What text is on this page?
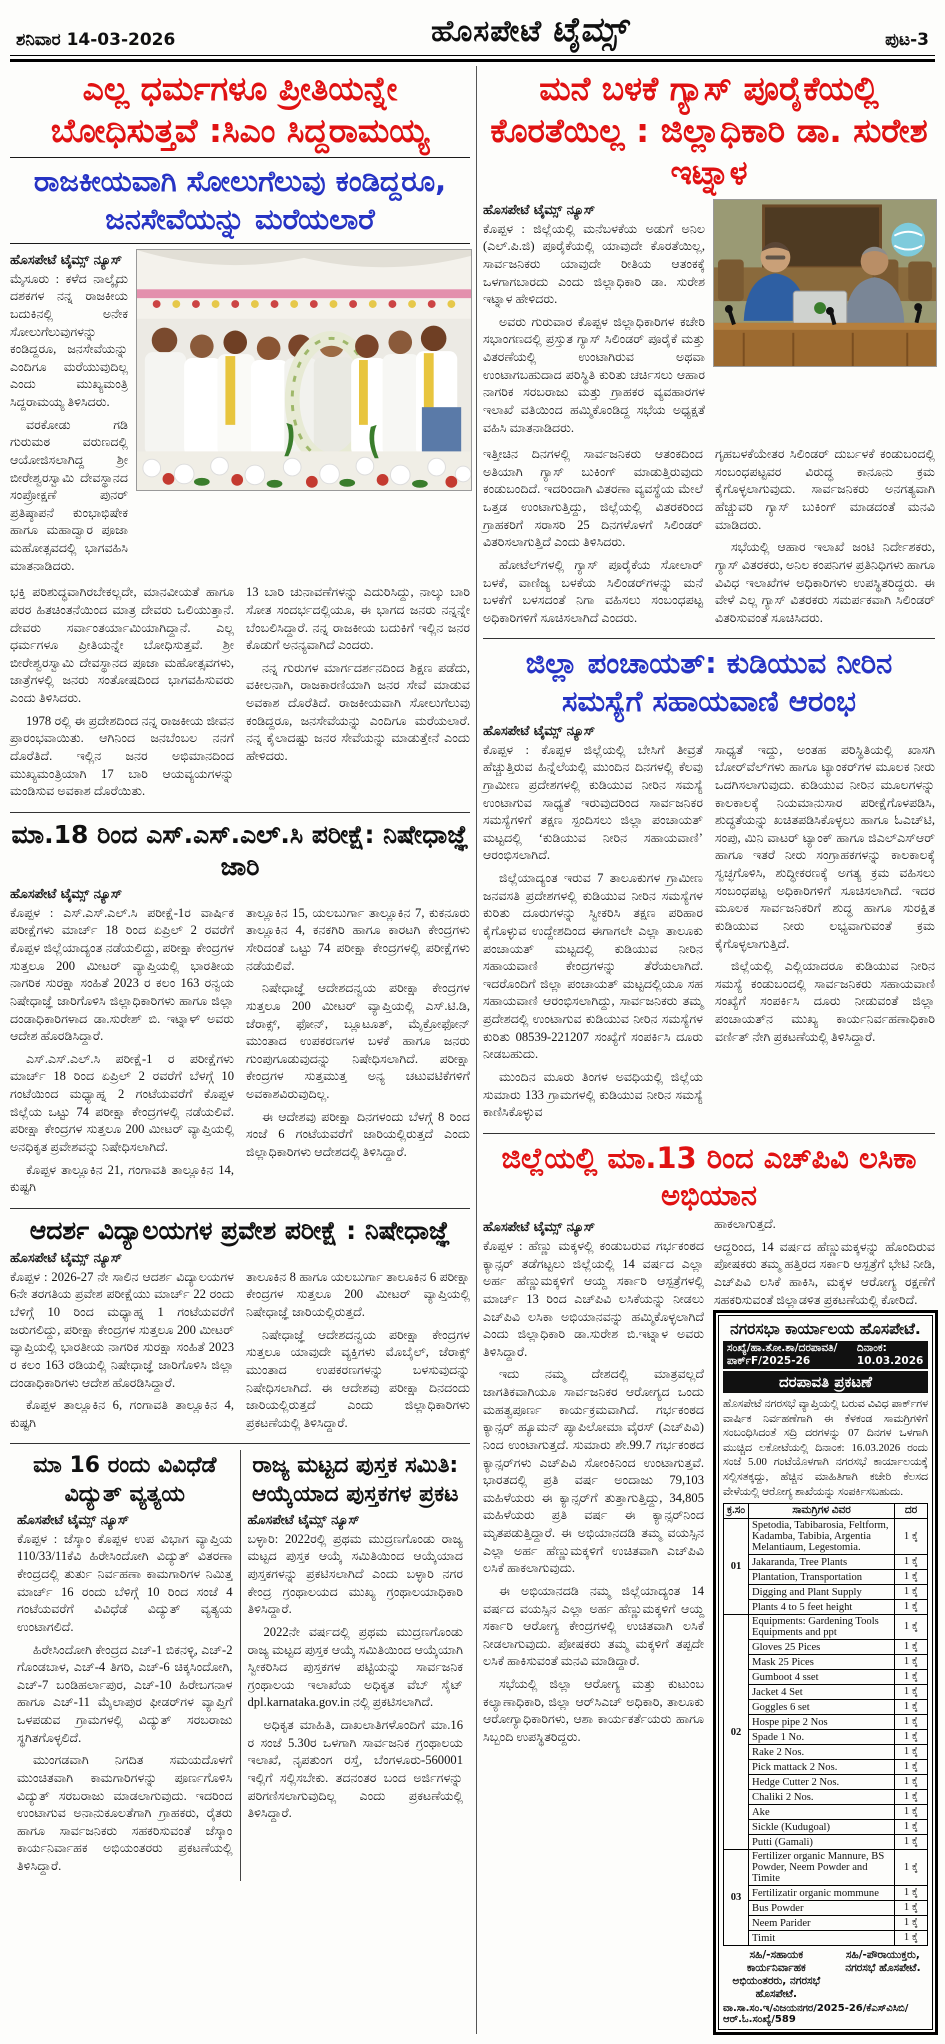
ಶನಿವಾರ 14-03-2026	ಹೊಸಪೇಟೆ ಟೈಮ್ಸ್	ಪುಟ-3
ಎಲ್ಲ ಧರ್ಮಗಳೂ ಪ್ರೀತಿಯನ್ನೇ ಬೋಧಿಸುತ್ತವೆ :ಸಿಎಂ ಸಿದ್ದರಾಮಯ್ಯ
ರಾಜಕೀಯವಾಗಿ ಸೋಲುಗೆಲುವು ಕಂಡಿದ್ದರೂ, ಜನಸೇವೆಯನ್ನು ಮರೆಯಲಾರೆ
ಹೊಸಪೇಟೆ ಟೈಮ್ಸ್ ನ್ಯೂಸ್

ಮೈಸೂರು : ಕಳೆದ ನಾಲ್ಕೈದು ದಶಕಗಳ ನನ್ನ ರಾಜಕೀಯ ಬದುಕಿನಲ್ಲಿ ಅನೇಕ ಸೋಲುಗೆಲುವುಗಳನ್ನು ಕಂಡಿದ್ದರೂ, ಜನಸೇವೆಯನ್ನು ಎಂದಿಗೂ ಮರೆಯುವುದಿಲ್ಲ ಎಂದು ಮುಖ್ಯಮಂತ್ರಿ ಸಿದ್ದರಾಮಯ್ಯ ತಿಳಿಸಿದರು.

ವರಕೋಡು ಗಡಿ ಗುರುಮಠ ವರುಣದಲ್ಲಿ ಆಯೋಜಿಸಲಾಗಿದ್ದ ಶ್ರೀ ಬೀರೇಶ್ವರಸ್ವಾಮಿ ದೇವಸ್ಥಾನದ ಸಂಪ್ರೋಕ್ಷಣೆ ಪುನರ್ ಪ್ರತಿಷ್ಠಾಪನೆ ಕುಂಭಾಭಿಷೇಕ ಹಾಗೂ ಮಹಾದ್ವಾರ ಪೂಜಾ ಮಹೋತ್ಸವದಲ್ಲಿ ಭಾಗವಹಿಸಿ ಮಾತನಾಡಿದರು.

ಭಕ್ತಿ ಪರಿಶುದ್ಧವಾಗಿರಬೇಕಲ್ಲದೇ, ಮಾನವೀಯತೆ ಹಾಗೂ ಪರರ ಹಿತಚಿಂತನೆಯಿಂದ ಮಾತ್ರ ದೇವರು ಒಲಿಯುತ್ತಾನೆ. ದೇವರು ಸರ್ವಾಂತರ್ಯಾಮಿಯಾಗಿದ್ದಾನೆ. ಎಲ್ಲ ಧರ್ಮಗಳೂ ಪ್ರೀತಿಯನ್ನೇ ಬೋಧಿಸುತ್ತವೆ. ಶ್ರೀ ಬೀರೇಶ್ವರಸ್ವಾಮಿ ದೇವಸ್ಥಾನದ ಪೂಜಾ ಮಹೋತ್ಸವಗಳು, ಜಾತ್ರೆಗಳಲ್ಲಿ ಜನರು ಸಂತೋಷದಿಂದ ಭಾಗವಹಿಸುವರು ಎಂದು ತಿಳಿಸಿದರು.

1978 ರಲ್ಲಿ ಈ ಪ್ರದೇಶದಿಂದ ನನ್ನ ರಾಜಕೀಯ ಜೀವನ ಪ್ರಾರಂಭವಾಯಿತು. ಆಗಿನಿಂದ ಜನಬೆಂಬಲ ನನಗೆ ದೊರೆತಿದೆ. ಇಲ್ಲಿನ ಜನರ ಅಭಿಮಾನದಿಂದ ಮುಖ್ಯಮಂತ್ರಿಯಾಗಿ 17 ಬಾರಿ ಆಯವ್ಯಯಗಳನ್ನು ಮಂಡಿಸುವ ಅವಕಾಶ ದೊರೆಯಿತು.

13 ಬಾರಿ ಚುನಾವಣೆಗಳನ್ನು ಎದುರಿಸಿದ್ದು, ನಾಲ್ಕು ಬಾರಿ ಸೋತ ಸಂದರ್ಭದಲ್ಲಿಯೂ, ಈ ಭಾಗದ ಜನರು ನನ್ನನ್ನೇ ಬೆಂಬಲಿಸಿದ್ದಾರೆ. ನನ್ನ ರಾಜಕೀಯ ಬದುಕಿಗೆ ಇಲ್ಲಿನ ಜನರ ಕೊಡುಗೆ ಅನನ್ಯವಾಗಿದೆ ಎಂದರು.

ನನ್ನ ಗುರುಗಳ ಮಾರ್ಗದರ್ಶನದಿಂದ ಶಿಕ್ಷಣ ಪಡೆದು, ವಕೀಲನಾಗಿ, ರಾಜಕಾರಣಿಯಾಗಿ ಜನರ ಸೇವೆ ಮಾಡುವ ಅವಕಾಶ ದೊರೆತಿದೆ. ರಾಜಕೀಯವಾಗಿ ಸೋಲುಗೆಲುವು ಕಂಡಿದ್ದರೂ, ಜನಸೇವೆಯನ್ನು ಎಂದಿಗೂ ಮರೆಯಲಾರೆ. ನನ್ನ ಕೈಲಾದಷ್ಟು ಜನರ ಸೇವೆಯನ್ನು ಮಾಡುತ್ತೇನೆ ಎಂದು ಹೇಳಿದರು.

ಮಾ.18 ರಿಂದ ಎಸ್.ಎಸ್.ಎಲ್.ಸಿ ಪರೀಕ್ಷೆ: ನಿಷೇಧಾಜ್ಞೆ ಜಾರಿ
ಹೊಸಪೇಟೆ ಟೈಮ್ಸ್ ನ್ಯೂಸ್

ಕೊಪ್ಪಳ : ಎಸ್.ಎಸ್.ಎಲ್.ಸಿ ಪರೀಕ್ಷೆ-1ರ ವಾರ್ಷಿಕ ಪರೀಕ್ಷೆಗಳು ಮಾರ್ಚ್ 18 ರಿಂದ ಏಪ್ರಿಲ್ 2 ರವರೆಗೆ ಕೊಪ್ಪಳ ಜಿಲ್ಲೆಯಾದ್ಯಂತ ನಡೆಯಲಿದ್ದು, ಪರೀಕ್ಷಾ ಕೇಂದ್ರಗಳ ಸುತ್ತಲೂ 200 ಮೀಟರ್ ವ್ಯಾಪ್ತಿಯಲ್ಲಿ ಭಾರತೀಯ ನಾಗರಿಕ ಸುರಕ್ಷಾ ಸಂಹಿತೆ 2023 ರ ಕಲಂ 163 ರನ್ವಯ ನಿಷೇಧಾಜ್ಞೆ ಜಾರಿಗೊಳಿಸಿ ಜಿಲ್ಲಾಧಿಕಾರಿಗಳು ಹಾಗೂ ಜಿಲ್ಲಾ ದಂಡಾಧಿಕಾರಿಗಳಾದ ಡಾ.ಸುರೇಶ್ ಬಿ. ಇಟ್ನಾಳ್ ಅವರು ಆದೇಶ ಹೊರಡಿಸಿದ್ದಾರೆ.

ಎಸ್.ಎಸ್.ಎಲ್.ಸಿ ಪರೀಕ್ಷೆ-1 ರ ಪರೀಕ್ಷೆಗಳು ಮಾರ್ಚ್ 18 ರಿಂದ ಏಪ್ರಿಲ್ 2 ರವರೆಗೆ ಬೆಳಗ್ಗೆ 10 ಗಂಟೆಯಿಂದ ಮಧ್ಯಾಹ್ನ 2 ಗಂಟೆಯವರೆಗೆ ಕೊಪ್ಪಳ ಜಿಲ್ಲೆಯ ಒಟ್ಟು 74 ಪರೀಕ್ಷಾ ಕೇಂದ್ರಗಳಲ್ಲಿ ನಡೆಯಲಿವೆ. ಪರೀಕ್ಷಾ ಕೇಂದ್ರಗಳ ಸುತ್ತಲೂ 200 ಮೀಟರ್ ವ್ಯಾಪ್ತಿಯಲ್ಲಿ ಅನಧಿಕೃತ ಪ್ರವೇಶವನ್ನು ನಿಷೇಧಿಸಲಾಗಿದೆ.

ಕೊಪ್ಪಳ ತಾಲ್ಲೂಕಿನ 21, ಗಂಗಾವತಿ ತಾಲ್ಲೂಕಿನ 14, ಕುಷ್ಟಗಿ

ತಾಲ್ಲೂಕಿನ 15, ಯಲಬುರ್ಗಾ ತಾಲ್ಲೂಕಿನ 7, ಕುಕನೂರು ತಾಲ್ಲೂಕಿನ 4, ಕನಕಗಿರಿ ಹಾಗೂ ಕಾರಟಗಿ ಕೇಂದ್ರಗಳು ಸೇರಿದಂತೆ ಒಟ್ಟು 74 ಪರೀಕ್ಷಾ ಕೇಂದ್ರಗಳಲ್ಲಿ ಪರೀಕ್ಷೆಗಳು ನಡೆಯಲಿವೆ.

ನಿಷೇಧಾಜ್ಞೆ ಆದೇಶದನ್ವಯ ಪರೀಕ್ಷಾ ಕೇಂದ್ರಗಳ ಸುತ್ತಲೂ 200 ಮೀಟರ್ ವ್ಯಾಪ್ತಿಯಲ್ಲಿ ಎಸ್.ಟಿ.ಡಿ, ಜೆರಾಕ್ಸ್, ಫೋನ್, ಬ್ಲೂಟೂತ್, ಮೈಕ್ರೋಫೋನ್ ಮುಂತಾದ ಉಪಕರಣಗಳ ಬಳಕೆ ಹಾಗೂ ಜನರು ಗುಂಪುಗೂಡುವುದನ್ನು ನಿಷೇಧಿಸಲಾಗಿದೆ. ಪರೀಕ್ಷಾ ಕೇಂದ್ರಗಳ ಸುತ್ತಮುತ್ತ ಅನ್ಯ ಚಟುವಟಿಕೆಗಳಿಗೆ ಅವಕಾಶವಿರುವುದಿಲ್ಲ.

ಈ ಆದೇಶವು ಪರೀಕ್ಷಾ ದಿನಗಳಂದು ಬೆಳಗ್ಗೆ 8 ರಿಂದ ಸಂಜೆ 6 ಗಂಟೆಯವರೆಗೆ ಜಾರಿಯಲ್ಲಿರುತ್ತದೆ ಎಂದು ಜಿಲ್ಲಾಧಿಕಾರಿಗಳು ಆದೇಶದಲ್ಲಿ ತಿಳಿಸಿದ್ದಾರೆ.

ಆದರ್ಶ ವಿದ್ಯಾಲಯಗಳ ಪ್ರವೇಶ ಪರೀಕ್ಷೆ : ನಿಷೇಧಾಜ್ಞೆ
ಹೊಸಪೇಟೆ ಟೈಮ್ಸ್ ನ್ಯೂಸ್

ಕೊಪ್ಪಳ : 2026-27 ನೇ ಸಾಲಿನ ಆದರ್ಶ ವಿದ್ಯಾಲಯಗಳ 6ನೇ ತರಗತಿಯ ಪ್ರವೇಶ ಪರೀಕ್ಷೆಯು ಮಾರ್ಚ್ 22 ರಂದು ಬೆಳಿಗ್ಗೆ 10 ರಿಂದ ಮಧ್ಯಾಹ್ನ 1 ಗಂಟೆಯವರೆಗೆ ಜರುಗಲಿದ್ದು, ಪರೀಕ್ಷಾ ಕೇಂದ್ರಗಳ ಸುತ್ತಲೂ 200 ಮೀಟರ್ ವ್ಯಾಪ್ತಿಯಲ್ಲಿ ಭಾರತೀಯ ನಾಗರಿಕ ಸುರಕ್ಷಾ ಸಂಹಿತೆ 2023 ರ ಕಲಂ 163 ರಡಿಯಲ್ಲಿ ನಿಷೇಧಾಜ್ಞೆ ಜಾರಿಗೊಳಿಸಿ ಜಿಲ್ಲಾ ದಂಡಾಧಿಕಾರಿಗಳು ಆದೇಶ ಹೊರಡಿಸಿದ್ದಾರೆ.

ಕೊಪ್ಪಳ ತಾಲ್ಲೂಕಿನ 6, ಗಂಗಾವತಿ ತಾಲ್ಲೂಕಿನ 4, ಕುಷ್ಟಗಿ

ತಾಲೂಕಿನ 8 ಹಾಗೂ ಯಲಬುರ್ಗಾ ತಾಲೂಕಿನ 6 ಪರೀಕ್ಷಾ ಕೇಂದ್ರಗಳ ಸುತ್ತಲೂ 200 ಮೀಟರ್ ವ್ಯಾಪ್ತಿಯಲ್ಲಿ ನಿಷೇಧಾಜ್ಞೆ ಜಾರಿಯಲ್ಲಿರುತ್ತದೆ.

ನಿಷೇಧಾಜ್ಞೆ ಆದೇಶದನ್ವಯ ಪರೀಕ್ಷಾ ಕೇಂದ್ರಗಳ ಸುತ್ತಲೂ ಯಾವುದೇ ವ್ಯಕ್ತಿಗಳು ಮೊಬೈಲ್, ಜೆರಾಕ್ಸ್ ಮುಂತಾದ ಉಪಕರಣಗಳನ್ನು ಬಳಸುವುದನ್ನು ನಿಷೇಧಿಸಲಾಗಿದೆ. ಈ ಆದೇಶವು ಪರೀಕ್ಷಾ ದಿನದಂದು ಜಾರಿಯಲ್ಲಿರುತ್ತದೆ ಎಂದು ಜಿಲ್ಲಾಧಿಕಾರಿಗಳು ಪ್ರಕಟಣೆಯಲ್ಲಿ ತಿಳಿಸಿದ್ದಾರೆ.

ಮಾ 16 ರಂದು ವಿವಿಧೆಡೆ ವಿದ್ಯುತ್ ವ್ಯತ್ಯಯ
ಹೊಸಪೇಟೆ ಟೈಮ್ಸ್ ನ್ಯೂಸ್

ಕೊಪ್ಪಳ : ಜೆಸ್ಕಾಂ ಕೊಪ್ಪಳ ಉಪ ವಿಭಾಗ ವ್ಯಾಪ್ತಿಯ 110/33/11ಕೆವಿ ಹಿರೇಸಿಂದೋಗಿ ವಿದ್ಯುತ್ ವಿತರಣಾ ಕೇಂದ್ರದಲ್ಲಿ ತುರ್ತು ನಿರ್ವಹಣಾ ಕಾಮಗಾರಿಗಳ ನಿಮಿತ್ತ ಮಾರ್ಚ್ 16 ರಂದು ಬೆಳಿಗ್ಗೆ 10 ರಿಂದ ಸಂಜೆ 4 ಗಂಟೆಯವರೆಗೆ ವಿವಿಧೆಡೆ ವಿದ್ಯುತ್ ವ್ಯತ್ಯಯ ಉಂಟಾಗಲಿದೆ.

ಹಿರೇಸಿಂದೋಗಿ ಕೇಂದ್ರದ ಎಚ್-1 ಬಿಕನಳ್ಳಿ, ಎಚ್-2 ಗೊಂಡಬಾಳ, ಎಚ್-4 ತಿಗರಿ, ಎಚ್-6 ಚಿಕ್ಕಸಿಂದೋಗಿ, ಎಚ್-7 ಬಂಡಿಹರ್ಲಾಪುರ, ಎಚ್-10 ಹಿರೇಬಗನಾಳ ಹಾಗೂ ಎಚ್-11 ಮೈಲಾಪುರ ಫೀಡರ್‌ಗಳ ವ್ಯಾಪ್ತಿಗೆ ಒಳಪಡುವ ಗ್ರಾಮಗಳಲ್ಲಿ ವಿದ್ಯುತ್ ಸರಬರಾಜು ಸ್ಥಗಿತಗೊಳ್ಳಲಿದೆ.

ಮುಂಗಡವಾಗಿ ನಿಗದಿತ ಸಮಯದೊಳಗೆ ಮುಂಚಿತವಾಗಿ ಕಾಮಗಾರಿಗಳನ್ನು ಪೂರ್ಣಗೊಳಿಸಿ ವಿದ್ಯುತ್ ಸರಬರಾಜು ಮಾಡಲಾಗುವುದು. ಇದರಿಂದ ಉಂಟಾಗುವ ಅನಾನುಕೂಲತೆಗಾಗಿ ಗ್ರಾಹಕರು, ರೈತರು ಹಾಗೂ ಸಾರ್ವಜನಿಕರು ಸಹಕರಿಸುವಂತೆ ಜೆಸ್ಕಾಂ ಕಾರ್ಯನಿರ್ವಾಹಕ ಅಭಿಯಂತರರು ಪ್ರಕಟಣೆಯಲ್ಲಿ ತಿಳಿಸಿದ್ದಾರೆ.

ರಾಜ್ಯ ಮಟ್ಟದ ಪುಸ್ತಕ ಸಮಿತಿ: ಆಯ್ಕೆಯಾದ ಪುಸ್ತಕಗಳ ಪ್ರಕಟ
ಹೊಸಪೇಟೆ ಟೈಮ್ಸ್ ನ್ಯೂಸ್

ಬಳ್ಳಾರಿ: 2022ರಲ್ಲಿ ಪ್ರಥಮ ಮುದ್ರಣಗೊಂಡು ರಾಜ್ಯ ಮಟ್ಟದ ಪುಸ್ತಕ ಆಯ್ಕೆ ಸಮಿತಿಯಿಂದ ಆಯ್ಕೆಯಾದ ಪುಸ್ತಕಗಳನ್ನು ಪ್ರಕಟಿಸಲಾಗಿದೆ ಎಂದು ಬಳ್ಳಾರಿ ನಗರ ಕೇಂದ್ರ ಗ್ರಂಥಾಲಯದ ಮುಖ್ಯ ಗ್ರಂಥಾಲಯಾಧಿಕಾರಿ ತಿಳಿಸಿದ್ದಾರೆ.

2022ನೇ ವರ್ಷದಲ್ಲಿ ಪ್ರಥಮ ಮುದ್ರಣಗೊಂಡು ರಾಜ್ಯ ಮಟ್ಟದ ಪುಸ್ತಕ ಆಯ್ಕೆ ಸಮಿತಿಯಿಂದ ಆಯ್ಕೆಯಾಗಿ ಸ್ವೀಕರಿಸಿದ ಪುಸ್ತಕಗಳ ಪಟ್ಟಿಯನ್ನು ಸಾರ್ವಜನಿಕ ಗ್ರಂಥಾಲಯ ಇಲಾಖೆಯ ಅಧಿಕೃತ ವೆಬ್ ಸೈಟ್ dpl.karnataka.gov.in ನಲ್ಲಿ ಪ್ರಕಟಿಸಲಾಗಿದೆ.

ಅಧಿಕೃತ ಮಾಹಿತಿ, ದಾಖಲಾತಿಗಳೊಂದಿಗೆ ಮಾ.16 ರ ಸಂಜೆ 5.30ರ ಒಳಗಾಗಿ ಸಾರ್ವಜನಿಕ ಗ್ರಂಥಾಲಯ ಇಲಾಖೆ, ನೃಪತುಂಗ ರಸ್ತೆ, ಬೆಂಗಳೂರು-560001 ಇಲ್ಲಿಗೆ ಸಲ್ಲಿಸಬೇಕು. ತದನಂತರ ಬಂದ ಅರ್ಜಿಗಳನ್ನು ಪರಿಗಣಿಸಲಾಗುವುದಿಲ್ಲ ಎಂದು ಪ್ರಕಟಣೆಯಲ್ಲಿ ತಿಳಿಸಿದ್ದಾರೆ.

ಮನೆ ಬಳಕೆ ಗ್ಯಾಸ್ ಪೂರೈಕೆಯಲ್ಲಿ ಕೊರತೆಯಿಲ್ಲ : ಜಿಲ್ಲಾಧಿಕಾರಿ ಡಾ. ಸುರೇಶ ಇಟ್ನಾಳ
ಹೊಸಪೇಟೆ ಟೈಮ್ಸ್ ನ್ಯೂಸ್

ಕೊಪ್ಪಳ : ಜಿಲ್ಲೆಯಲ್ಲಿ ಮನೆಬಳಕೆಯ ಅಡುಗೆ ಅನಿಲ (ಎಲ್.ಪಿ.ಜಿ) ಪೂರೈಕೆಯಲ್ಲಿ ಯಾವುದೇ ಕೊರತೆಯಿಲ್ಲ, ಸಾರ್ವಜನಿಕರು ಯಾವುದೇ ರೀತಿಯ ಆತಂಕಕ್ಕೆ ಒಳಗಾಗಬಾರದು ಎಂದು ಜಿಲ್ಲಾಧಿಕಾರಿ ಡಾ. ಸುರೇಶ ಇಟ್ನಾಳ ಹೇಳಿದರು.

ಅವರು ಗುರುವಾರ ಕೊಪ್ಪಳ ಜಿಲ್ಲಾಧಿಕಾರಿಗಳ ಕಚೇರಿ ಸಭಾಂಗಣದಲ್ಲಿ ಪ್ರಸ್ತುತ ಗ್ಯಾಸ್ ಸಿಲಿಂಡರ್ ಪೂರೈಕೆ ಮತ್ತು ವಿತರಣೆಯಲ್ಲಿ ಉಂಟಾಗಿರುವ ಅಥವಾ ಉಂಟಾಗಬಹುದಾದ ಪರಿಸ್ಥಿತಿ ಕುರಿತು ಚರ್ಚಿಸಲು ಆಹಾರ ನಾಗರಿಕ ಸರಬರಾಜು ಮತ್ತು ಗ್ರಾಹಕರ ವ್ಯವಹಾರಗಳ ಇಲಾಖೆ ವತಿಯಿಂದ ಹಮ್ಮಿಕೊಂಡಿದ್ದ ಸಭೆಯ ಅಧ್ಯಕ್ಷತೆ ವಹಿಸಿ ಮಾತನಾಡಿದರು.

ಇತ್ತೀಚಿನ ದಿನಗಳಲ್ಲಿ ಸಾರ್ವಜನಿಕರು ಆತಂಕದಿಂದ ಅತಿಯಾಗಿ ಗ್ಯಾಸ್ ಬುಕಿಂಗ್ ಮಾಡುತ್ತಿರುವುದು ಕಂಡುಬಂದಿದೆ. ಇದರಿಂದಾಗಿ ವಿತರಣಾ ವ್ಯವಸ್ಥೆಯ ಮೇಲೆ ಒತ್ತಡ ಉಂಟಾಗುತ್ತಿದ್ದು, ಜಿಲ್ಲೆಯಲ್ಲಿ ವಿತರಕರಿಂದ ಗ್ರಾಹಕರಿಗೆ ಸರಾಸರಿ 25 ದಿನಗಳೊಳಗೆ ಸಿಲಿಂಡರ್ ವಿತರಿಸಲಾಗುತ್ತಿದೆ ಎಂದು ತಿಳಿಸಿದರು.

ಹೋಟೆಲ್‌ಗಳಲ್ಲಿ ಗ್ಯಾಸ್ ಪೂರೈಕೆಯ ಸೋಲಾರ್ ಬಳಕೆ, ವಾಣಿಜ್ಯ ಬಳಕೆಯ ಸಿಲಿಂಡರ್‌ಗಳನ್ನು ಮನೆ ಬಳಕೆಗೆ ಬಳಸದಂತೆ ನಿಗಾ ವಹಿಸಲು ಸಂಬಂಧಪಟ್ಟ ಅಧಿಕಾರಿಗಳಿಗೆ ಸೂಚಿಸಲಾಗಿದೆ ಎಂದರು.

ಗೃಹಬಳಕೆಯೇತರ ಸಿಲಿಂಡರ್ ದುರ್ಬಳಕೆ ಕಂಡುಬಂದಲ್ಲಿ ಸಂಬಂಧಪಟ್ಟವರ ವಿರುದ್ಧ ಕಾನೂನು ಕ್ರಮ ಕೈಗೊಳ್ಳಲಾಗುವುದು. ಸಾರ್ವಜನಿಕರು ಅನಗತ್ಯವಾಗಿ ಹೆಚ್ಚುವರಿ ಗ್ಯಾಸ್ ಬುಕಿಂಗ್ ಮಾಡದಂತೆ ಮನವಿ ಮಾಡಿದರು.

ಸಭೆಯಲ್ಲಿ ಆಹಾರ ಇಲಾಖೆ ಜಂಟಿ ನಿರ್ದೇಶಕರು, ಗ್ಯಾಸ್ ವಿತರಕರು, ಅನಿಲ ಕಂಪನಿಗಳ ಪ್ರತಿನಿಧಿಗಳು ಹಾಗೂ ವಿವಿಧ ಇಲಾಖೆಗಳ ಅಧಿಕಾರಿಗಳು ಉಪಸ್ಥಿತರಿದ್ದರು. ಈ ವೇಳೆ ಎಲ್ಲ ಗ್ಯಾಸ್ ವಿತರಕರು ಸಮರ್ಪಕವಾಗಿ ಸಿಲಿಂಡರ್ ವಿತರಿಸುವಂತೆ ಸೂಚಿಸಿದರು.

ಜಿಲ್ಲಾ ಪಂಚಾಯತ್: ಕುಡಿಯುವ ನೀರಿನ ಸಮಸ್ಯೆಗೆ ಸಹಾಯವಾಣಿ ಆರಂಭ
ಹೊಸಪೇಟೆ ಟೈಮ್ಸ್ ನ್ಯೂಸ್

ಕೊಪ್ಪಳ : ಕೊಪ್ಪಳ ಜಿಲ್ಲೆಯಲ್ಲಿ ಬೇಸಿಗೆ ತೀವ್ರತೆ ಹೆಚ್ಚುತ್ತಿರುವ ಹಿನ್ನೆಲೆಯಲ್ಲಿ ಮುಂದಿನ ದಿನಗಳಲ್ಲಿ ಕೆಲವು ಗ್ರಾಮೀಣ ಪ್ರದೇಶಗಳಲ್ಲಿ ಕುಡಿಯುವ ನೀರಿನ ಸಮಸ್ಯೆ ಉಂಟಾಗುವ ಸಾಧ್ಯತೆ ಇರುವುದರಿಂದ ಸಾರ್ವಜನಿಕರ ಸಮಸ್ಯೆಗಳಿಗೆ ತಕ್ಷಣ ಸ್ಪಂದಿಸಲು ಜಿಲ್ಲಾ ಪಂಚಾಯತ್ ಮಟ್ಟದಲ್ಲಿ ‘ಕುಡಿಯುವ ನೀರಿನ ಸಹಾಯವಾಣಿ’ ಆರಂಭಿಸಲಾಗಿದೆ.

ಜಿಲ್ಲೆಯಾದ್ಯಂತ ಇರುವ 7 ತಾಲೂಕುಗಳ ಗ್ರಾಮೀಣ ಜನವಸತಿ ಪ್ರದೇಶಗಳಲ್ಲಿ ಕುಡಿಯುವ ನೀರಿನ ಸಮಸ್ಯೆಗಳ ಕುರಿತು ದೂರುಗಳನ್ನು ಸ್ವೀಕರಿಸಿ ತಕ್ಷಣ ಪರಿಹಾರ ಕೈಗೊಳ್ಳುವ ಉದ್ದೇಶದಿಂದ ಈಗಾಗಲೇ ಎಲ್ಲಾ ತಾಲೂಕು ಪಂಚಾಯತ್ ಮಟ್ಟದಲ್ಲಿ ಕುಡಿಯುವ ನೀರಿನ ಸಹಾಯವಾಣಿ ಕೇಂದ್ರಗಳನ್ನು ತೆರೆಯಲಾಗಿದೆ. ಇದರೊಂದಿಗೆ ಜಿಲ್ಲಾ ಪಂಚಾಯತ್ ಮಟ್ಟದಲ್ಲಿಯೂ ಸಹ ಸಹಾಯವಾಣಿ ಆರಂಭಿಸಲಾಗಿದ್ದು, ಸಾರ್ವಜನಿಕರು ತಮ್ಮ ಪ್ರದೇಶದಲ್ಲಿ ಉಂಟಾಗುವ ಕುಡಿಯುವ ನೀರಿನ ಸಮಸ್ಯೆಗಳ ಕುರಿತು 08539-221207 ಸಂಖ್ಯೆಗೆ ಸಂಪರ್ಕಿಸಿ ದೂರು ನೀಡಬಹುದು.

ಮುಂದಿನ ಮೂರು ತಿಂಗಳ ಅವಧಿಯಲ್ಲಿ ಜಿಲ್ಲೆಯ ಸುಮಾರು 133 ಗ್ರಾಮಗಳಲ್ಲಿ ಕುಡಿಯುವ ನೀರಿನ ಸಮಸ್ಯೆ ಕಾಣಿಸಿಕೊಳ್ಳುವ

ಸಾಧ್ಯತೆ ಇದ್ದು, ಅಂತಹ ಪರಿಸ್ಥಿತಿಯಲ್ಲಿ ಖಾಸಗಿ ಬೋರ್‌ವೆಲ್‌ಗಳು ಹಾಗೂ ಟ್ಯಾಂಕರ್‌ಗಳ ಮೂಲಕ ನೀರು ಒದಗಿಸಲಾಗುವುದು. ಕುಡಿಯುವ ನೀರಿನ ಮೂಲಗಳನ್ನು ಕಾಲಕಾಲಕ್ಕೆ ನಿಯಮಾನುಸಾರ ಪರೀಕ್ಷೆಗೊಳಪಡಿಸಿ, ಶುದ್ಧತೆಯನ್ನು ಖಚಿತಪಡಿಸಿಕೊಳ್ಳಲು ಹಾಗೂ ಓಎಚ್‌ಟಿ, ಸಂಪು, ಮಿನಿ ವಾಟರ್ ಟ್ಯಾಂಕ್ ಹಾಗೂ ಜಿಎಲ್‌ಎಸ್‌ಆರ್ ಹಾಗೂ ಇತರೆ ನೀರು ಸಂಗ್ರಾಹಕಗಳನ್ನು ಕಾಲಕಾಲಕ್ಕೆ ಸ್ವಚ್ಛಗೊಳಿಸಿ, ಶುದ್ಧೀಕರಣಕ್ಕೆ ಅಗತ್ಯ ಕ್ರಮ ವಹಿಸಲು ಸಂಬಂಧಪಟ್ಟ ಅಧಿಕಾರಿಗಳಿಗೆ ಸೂಚಿಸಲಾಗಿದೆ. ಇದರ ಮೂಲಕ ಸಾರ್ವಜನಿಕರಿಗೆ ಶುದ್ಧ ಹಾಗೂ ಸುರಕ್ಷಿತ ಕುಡಿಯುವ ನೀರು ಲಭ್ಯವಾಗುವಂತೆ ಕ್ರಮ ಕೈಗೊಳ್ಳಲಾಗುತ್ತಿದೆ.

ಜಿಲ್ಲೆಯಲ್ಲಿ ಎಲ್ಲಿಯಾದರೂ ಕುಡಿಯುವ ನೀರಿನ ಸಮಸ್ಯೆ ಕಂಡುಬಂದಲ್ಲಿ ಸಾರ್ವಜನಿಕರು ಸಹಾಯವಾಣಿ ಸಂಖ್ಯೆಗೆ ಸಂಪರ್ಕಿಸಿ ದೂರು ನೀಡುವಂತೆ ಜಿಲ್ಲಾ ಪಂಚಾಯತ್‌ನ ಮುಖ್ಯ ಕಾರ್ಯನಿರ್ವಹಣಾಧಿಕಾರಿ ವರ್ಣಿತ್ ನೇಗಿ ಪ್ರಕಟಣೆಯಲ್ಲಿ ತಿಳಿಸಿದ್ದಾರೆ.

ಜಿಲ್ಲೆಯಲ್ಲಿ ಮಾ.13 ರಿಂದ ಎಚ್‌ಪಿವಿ ಲಸಿಕಾ ಅಭಿಯಾನ
ಹೊಸಪೇಟೆ ಟೈಮ್ಸ್ ನ್ಯೂಸ್

ಕೊಪ್ಪಳ : ಹೆಣ್ಣು ಮಕ್ಕಳಲ್ಲಿ ಕಂಡುಬರುವ ಗರ್ಭಕಂಠದ ಕ್ಯಾನ್ಸರ್ ತಡೆಗಟ್ಟಲು ಜಿಲ್ಲೆಯಲ್ಲಿ 14 ವರ್ಷದ ಎಲ್ಲಾ ಅರ್ಹ ಹೆಣ್ಣುಮಕ್ಕಳಿಗೆ ಆಯ್ದ ಸರ್ಕಾರಿ ಆಸ್ಪತ್ರೆಗಳಲ್ಲಿ ಮಾರ್ಚ್ 13 ರಿಂದ ಎಚ್‌ಪಿವಿ ಲಸಿಕೆಯನ್ನು ನೀಡಲು ಎಚ್‌ಪಿವಿ ಲಸಿಕಾ ಅಭಿಯಾನವನ್ನು ಹಮ್ಮಿಕೊಳ್ಳಲಾಗಿದೆ ಎಂದು ಜಿಲ್ಲಾಧಿಕಾರಿ ಡಾ.ಸುರೇಶ ಬಿ.ಇಟ್ನಾಳ ಅವರು ತಿಳಿಸಿದ್ದಾರೆ.

ಇದು ನಮ್ಮ ದೇಶದಲ್ಲಿ ಮಾತ್ರವಲ್ಲದೆ ಜಾಗತಿಕವಾಗಿಯೂ ಸಾರ್ವಜನಿಕರ ಆರೋಗ್ಯದ ಒಂದು ಮಹತ್ವಪೂರ್ಣ ಕಾರ್ಯಕ್ರಮವಾಗಿದೆ. ಗರ್ಭಕಂಠದ ಕ್ಯಾನ್ಸರ್ ಹ್ಯೂಮನ್ ಪ್ಯಾಪಿಲೋಮಾ ವೈರಸ್ (ಎಚ್‌ಪಿವಿ) ನಿಂದ ಉಂಟಾಗುತ್ತದೆ. ಸುಮಾರು ಶೇ.99.7 ಗರ್ಭಕಂಠದ ಕ್ಯಾನ್ಸರ್‌ಗಳು ಎಚ್‌ಪಿವಿ ಸೋಂಕಿನಿಂದ ಉಂಟಾಗುತ್ತವೆ. ಭಾರತದಲ್ಲಿ ಪ್ರತಿ ವರ್ಷ ಅಂದಾಜು 79,103 ಮಹಿಳೆಯರು ಈ ಕ್ಯಾನ್ಸರ್‌ಗೆ ತುತ್ತಾಗುತ್ತಿದ್ದು, 34,805 ಮಹಿಳೆಯರು ಪ್ರತಿ ವರ್ಷ ಈ ಕ್ಯಾನ್ಸರ್‌ನಿಂದ ಮೃತಪಡುತ್ತಿದ್ದಾರೆ. ಈ ಅಭಿಯಾನದಡಿ ತಮ್ಮ ವಯಸ್ಸಿನ ಎಲ್ಲಾ ಅರ್ಹ ಹೆಣ್ಣುಮಕ್ಕಳಿಗೆ ಉಚಿತವಾಗಿ ಎಚ್‌ಪಿವಿ ಲಸಿಕೆ ಹಾಕಲಾಗುವುದು.

ಈ ಅಭಿಯಾನದಡಿ ನಮ್ಮ ಜಿಲ್ಲೆಯಾದ್ಯಂತ 14 ವರ್ಷದ ವಯಸ್ಸಿನ ಎಲ್ಲಾ ಅರ್ಹ ಹೆಣ್ಣುಮಕ್ಕಳಿಗೆ ಆಯ್ದ ಸರ್ಕಾರಿ ಆರೋಗ್ಯ ಕೇಂದ್ರಗಳಲ್ಲಿ ಉಚಿತವಾಗಿ ಲಸಿಕೆ ನೀಡಲಾಗುವುದು. ಪೋಷಕರು ತಮ್ಮ ಮಕ್ಕಳಿಗೆ ತಪ್ಪದೇ ಲಸಿಕೆ ಹಾಕಿಸುವಂತೆ ಮನವಿ ಮಾಡಿದ್ದಾರೆ.

ಸಭೆಯಲ್ಲಿ ಜಿಲ್ಲಾ ಆರೋಗ್ಯ ಮತ್ತು ಕುಟುಂಬ ಕಲ್ಯಾಣಾಧಿಕಾರಿ, ಜಿಲ್ಲಾ ಆರ್‌ಸಿಎಚ್ ಅಧಿಕಾರಿ, ತಾಲೂಕು ಆರೋಗ್ಯಾಧಿಕಾರಿಗಳು, ಆಶಾ ಕಾರ್ಯಕರ್ತೆಯರು ಹಾಗೂ ಸಿಬ್ಬಂದಿ ಉಪಸ್ಥಿತರಿದ್ದರು.

ಹಾಕಲಾಗುತ್ತದೆ.

ಆದ್ದರಿಂದ, 14 ವರ್ಷದ ಹೆಣ್ಣುಮಕ್ಕಳನ್ನು ಹೊಂದಿರುವ ಪೋಷಕರು ತಮ್ಮ ಹತ್ತಿರದ ಸರ್ಕಾರಿ ಆಸ್ಪತ್ರೆಗೆ ಭೇಟಿ ನೀಡಿ, ಎಚ್‌ಪಿವಿ ಲಸಿಕೆ ಹಾಕಿಸಿ, ಮಕ್ಕಳ ಆರೋಗ್ಯ ರಕ್ಷಣೆಗೆ ಸಹಕರಿಸುವಂತೆ ಜಿಲ್ಲಾಡಳಿತ ಪ್ರಕಟಣೆಯಲ್ಲಿ ಕೋರಿದೆ.

ನಗರಸಭಾ ಕಾರ್ಯಾಲಯ ಹೊಸಪೇಟೆ.
ಸಂಖ್ಯೆ/ಹಾ.ತೋ.ಶಾ/ದರಪಾವತಿ/ಪಾರ್ಕ್‌F/2025-26
ದಿನಾಂಕ: 10.03.2026
ದರಪಾವತಿ ಪ್ರಕಟಣೆ

ಹೊಸಪೇಟೆ ನಗರಸಭೆ ವ್ಯಾಪ್ತಿಯಲ್ಲಿ ಬರುವ ವಿವಿಧ ಪಾರ್ಕ್‌ಗಳ ವಾರ್ಷಿಕ ನಿರ್ವಹಣೆಗಾಗಿ ಈ ಕೆಳಕಂಡ ಸಾಮಗ್ರಿಗಳಿಗೆ ಸಂಬಂಧಿಸಿದಂತೆ ಸದ್ರಿ ದರಗಳನ್ನು 07 ದಿನಗಳ ಒಳಗಾಗಿ ಮುಚ್ಚಿದ ಲಕೋಟೆಯಲ್ಲಿ ದಿನಾಂಕ: 16.03.2026 ರಂದು ಸಂಜೆ 5.00 ಗಂಟೆಯೊಳಗಾಗಿ ನಗರಸಭೆ ಕಾರ್ಯಾಲಯಕ್ಕೆ ಸಲ್ಲಿಸತಕ್ಕದ್ದು, ಹೆಚ್ಚಿನ ಮಾಹಿತಿಗಾಗಿ ಕಚೇರಿ ಕೆಲಸದ ವೇಳೆಯಲ್ಲಿ ಆರೋಗ್ಯ ಶಾಖೆಯನ್ನು ಸಂಪರ್ಕಿಸಬಹುದು.

ಕ್ರ.ಸಂ	ಸಾಮಗ್ರಿಗಳ ವಿವರ	ದರ
01	Spetodia, Tabibarosia, Feltform, Kadamba, Tabibia, Argentia Melantiaum, Legestomia.	1 ಕ್ಕೆ
	Jakaranda, Tree Plants	1 ಕ್ಕೆ
	Plantation, Transportation	1 ಕ್ಕೆ
	Digging and Plant Supply	1 ಕ್ಕೆ
	Plants 4 to 5 feet height	1 ಕ್ಕೆ
02	Equipments: Gardening Tools Equipments and ppt	1 ಕ್ಕೆ
	Gloves 25 Pices	1 ಕ್ಕೆ
	Mask 25 Pices	1 ಕ್ಕೆ
	Gumboot 4 sset	1 ಕ್ಕೆ
	Jacket 4 Set	1 ಕ್ಕೆ
	Goggles 6 set	1 ಕ್ಕೆ
	Hospe pipe 2 Nos	1 ಕ್ಕೆ
	Spade 1 No.	1 ಕ್ಕೆ
	Rake 2 Nos.	1 ಕ್ಕೆ
	Pick mattack 2 Nos.	1 ಕ್ಕೆ
	Hedge Cutter 2 Nos.	1 ಕ್ಕೆ
	Chaliki 2 Nos.	1 ಕ್ಕೆ
	Ake	1 ಕ್ಕೆ
	Sickle (Kudugoal)	1 ಕ್ಕೆ
	Putti (Gamali)	1 ಕ್ಕೆ
03	Fertilizer organic Mannure, BS Powder, Neem Powder and Timite	1 ಕ್ಕೆ
	Fertilizatir organic mommune	1 ಕ್ಕೆ
	Bus Powder	1 ಕ್ಕೆ
	Neem Parider	1 ಕ್ಕೆ
	Timit	1 ಕ್ಕೆ
ಸಹಿ/-ಸಹಾಯಕ ಕಾರ್ಯನಿರ್ವಾಹಕ ಅಭಿಯಂತರರು, ನಗರಸಭೆ ಹೊಸಪೇಟೆ.
ಸಹಿ/-ಪೌರಾಯುಕ್ತರು, ನಗರಸಭೆ ಹೊಸಪೇಟೆ.
ವಾ.ಸಾ.ಸಂ.ಇ/ವಿಜಯನಗರ/2025-26/ಕೆಎಸ್‌ವಿಸಿಬಿ/ಆರ್.ಓ.ಸಂಖ್ಯೆ/589
